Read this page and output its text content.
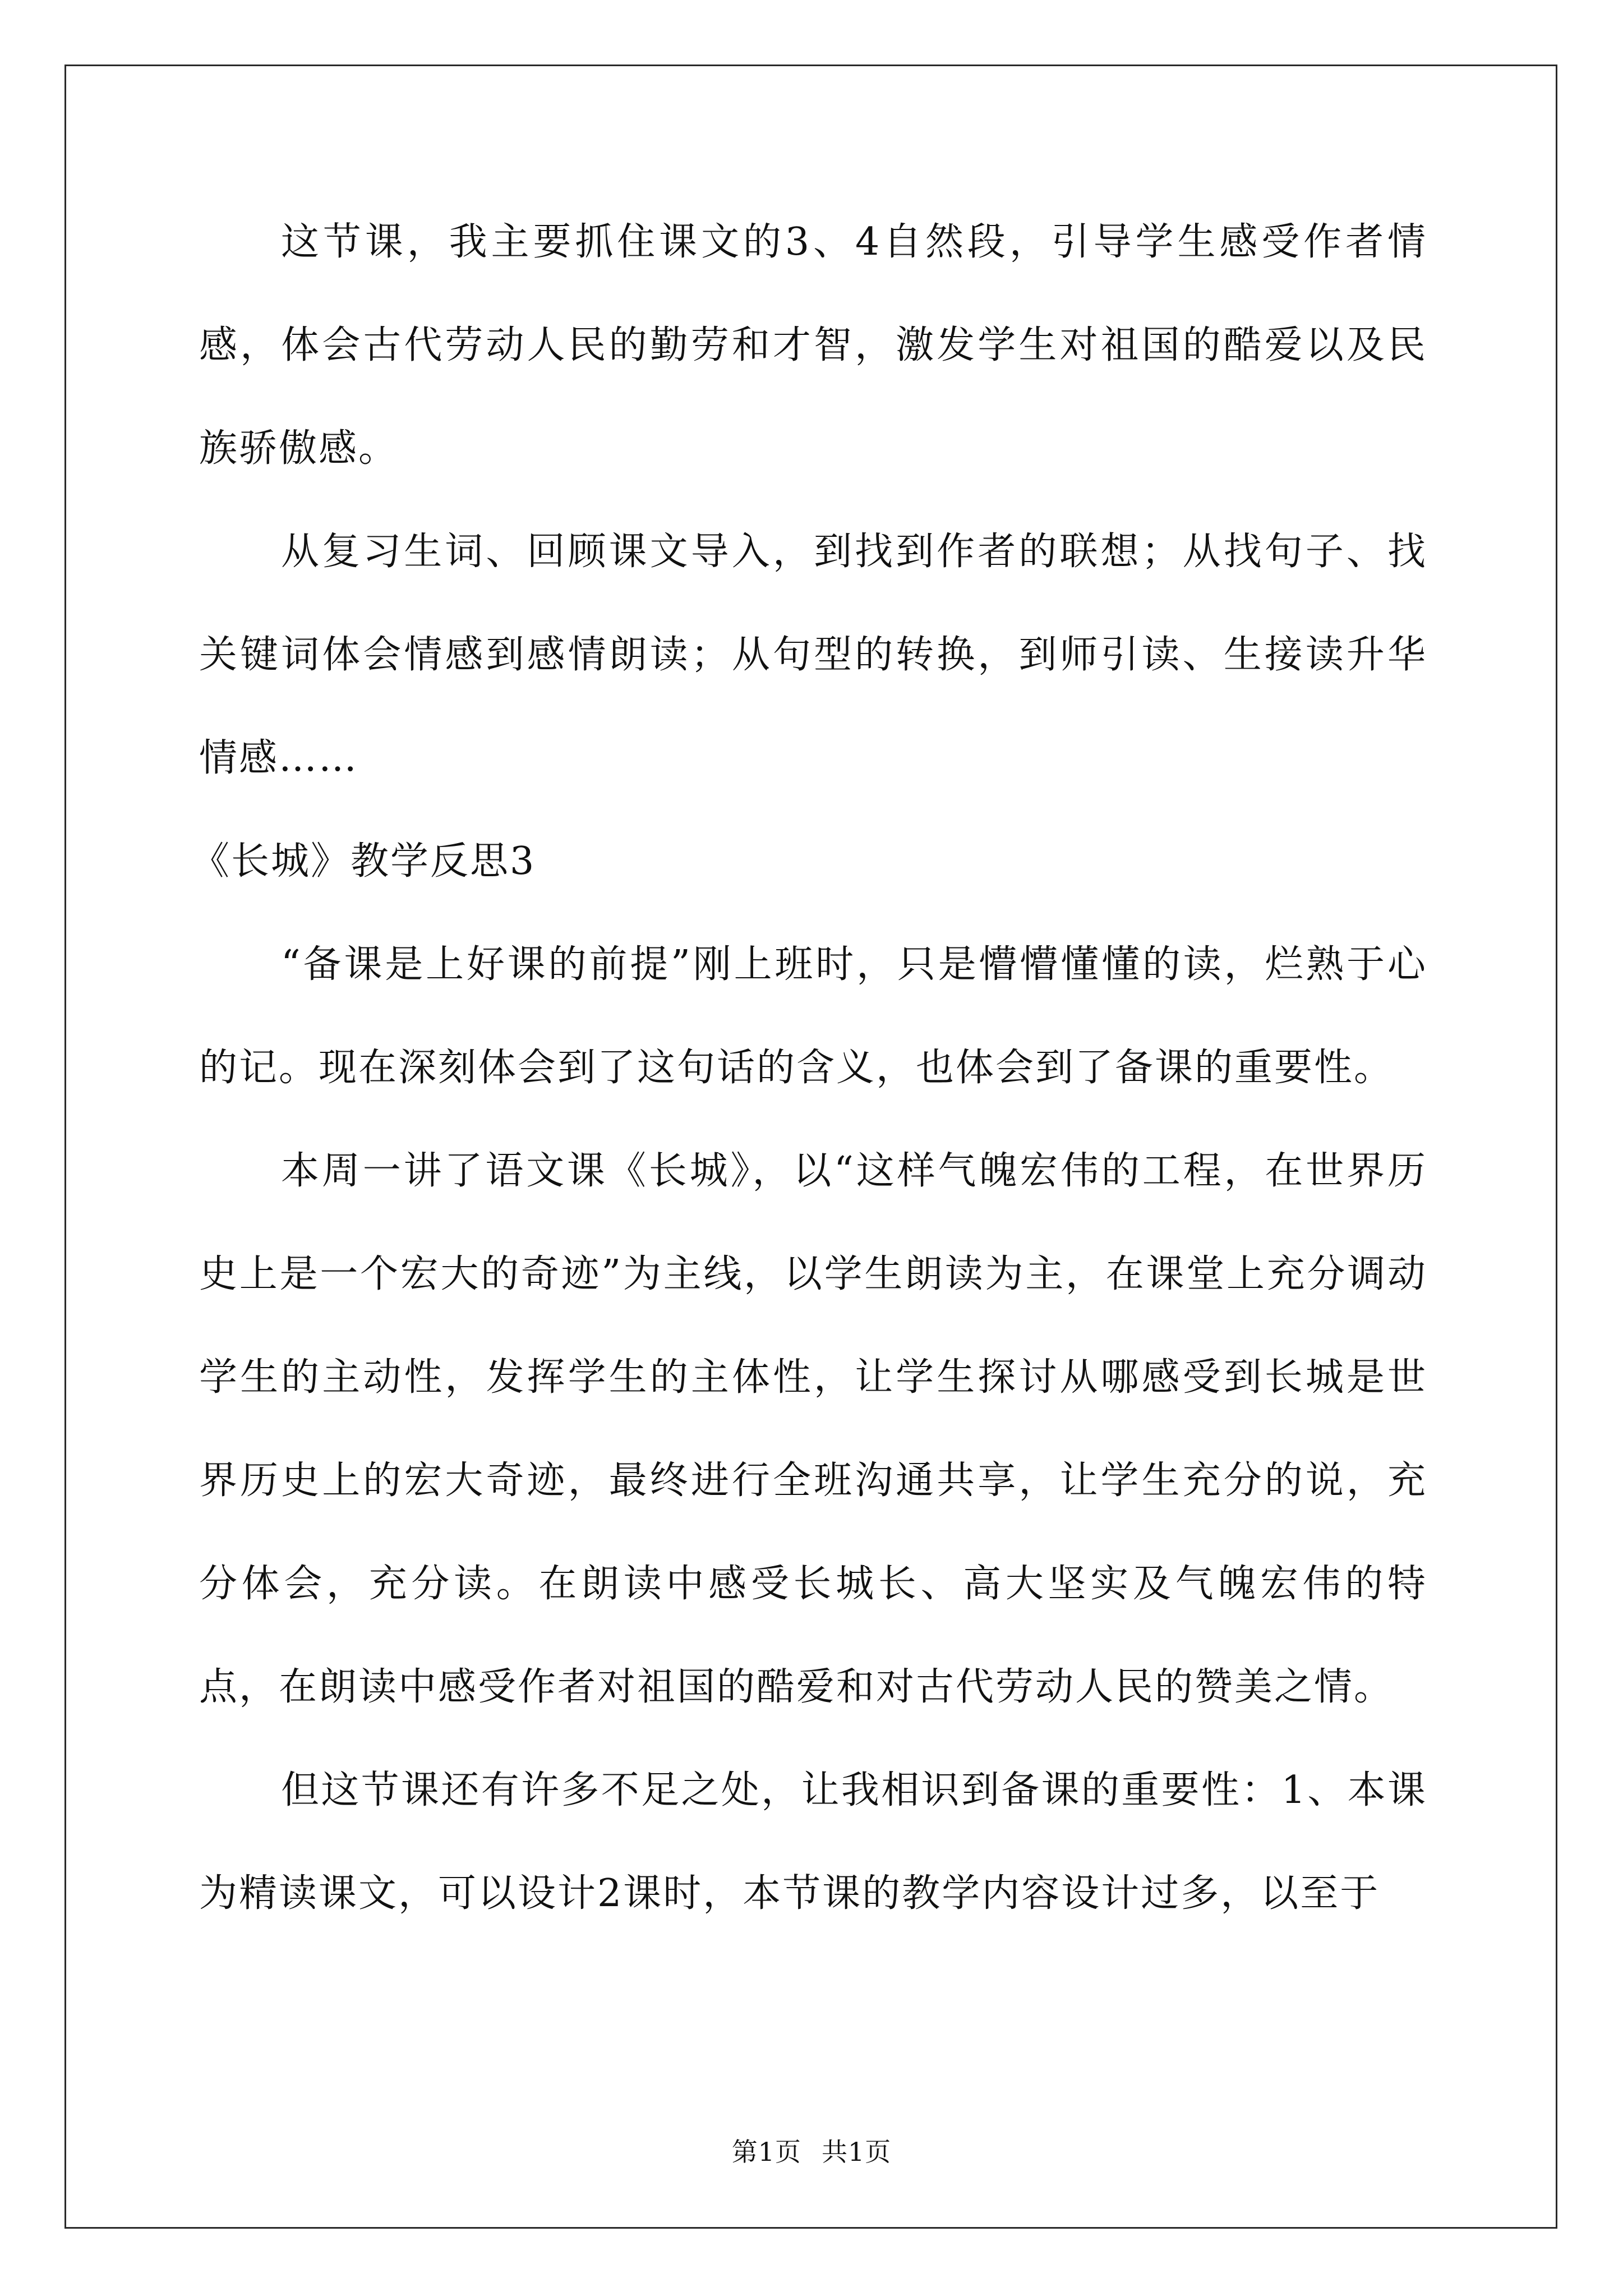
这节课，我主要抓住课文的3、4自然段，引导学生感受作者情感，体会古代劳动人民的勤劳和才智，激发学生对祖国的酷爱以及民族骄傲感。

从复习生词、回顾课文导入，到找到作者的联想；从找句子、找关键词体会情感到感情朗读；从句型的转换，到师引读、生接读升华情感……

《长城》教学反思3

“备课是上好课的前提”刚上班时，只是懵懵懂懂的读，烂熟于心的记。现在深刻体会到了这句话的含义，也体会到了备课的重要性。

本周一讲了语文课《长城》，以“这样气魄宏伟的工程，在世界历史上是一个宏大的奇迹”为主线，以学生朗读为主，在课堂上充分调动学生的主动性，发挥学生的主体性，让学生探讨从哪感受到长城是世界历史上的宏大奇迹，最终进行全班沟通共享，让学生充分的说，充分体会，充分读。在朗读中感受长城长、高大坚实及气魄宏伟的特点，在朗读中感受作者对祖国的酷爱和对古代劳动人民的赞美之情。

但这节课还有许多不足之处，让我相识到备课的重要性：1、本课为精读课文，可以设计2课时，本节课的教学内容设计过多，以至于

第1页 共1页
